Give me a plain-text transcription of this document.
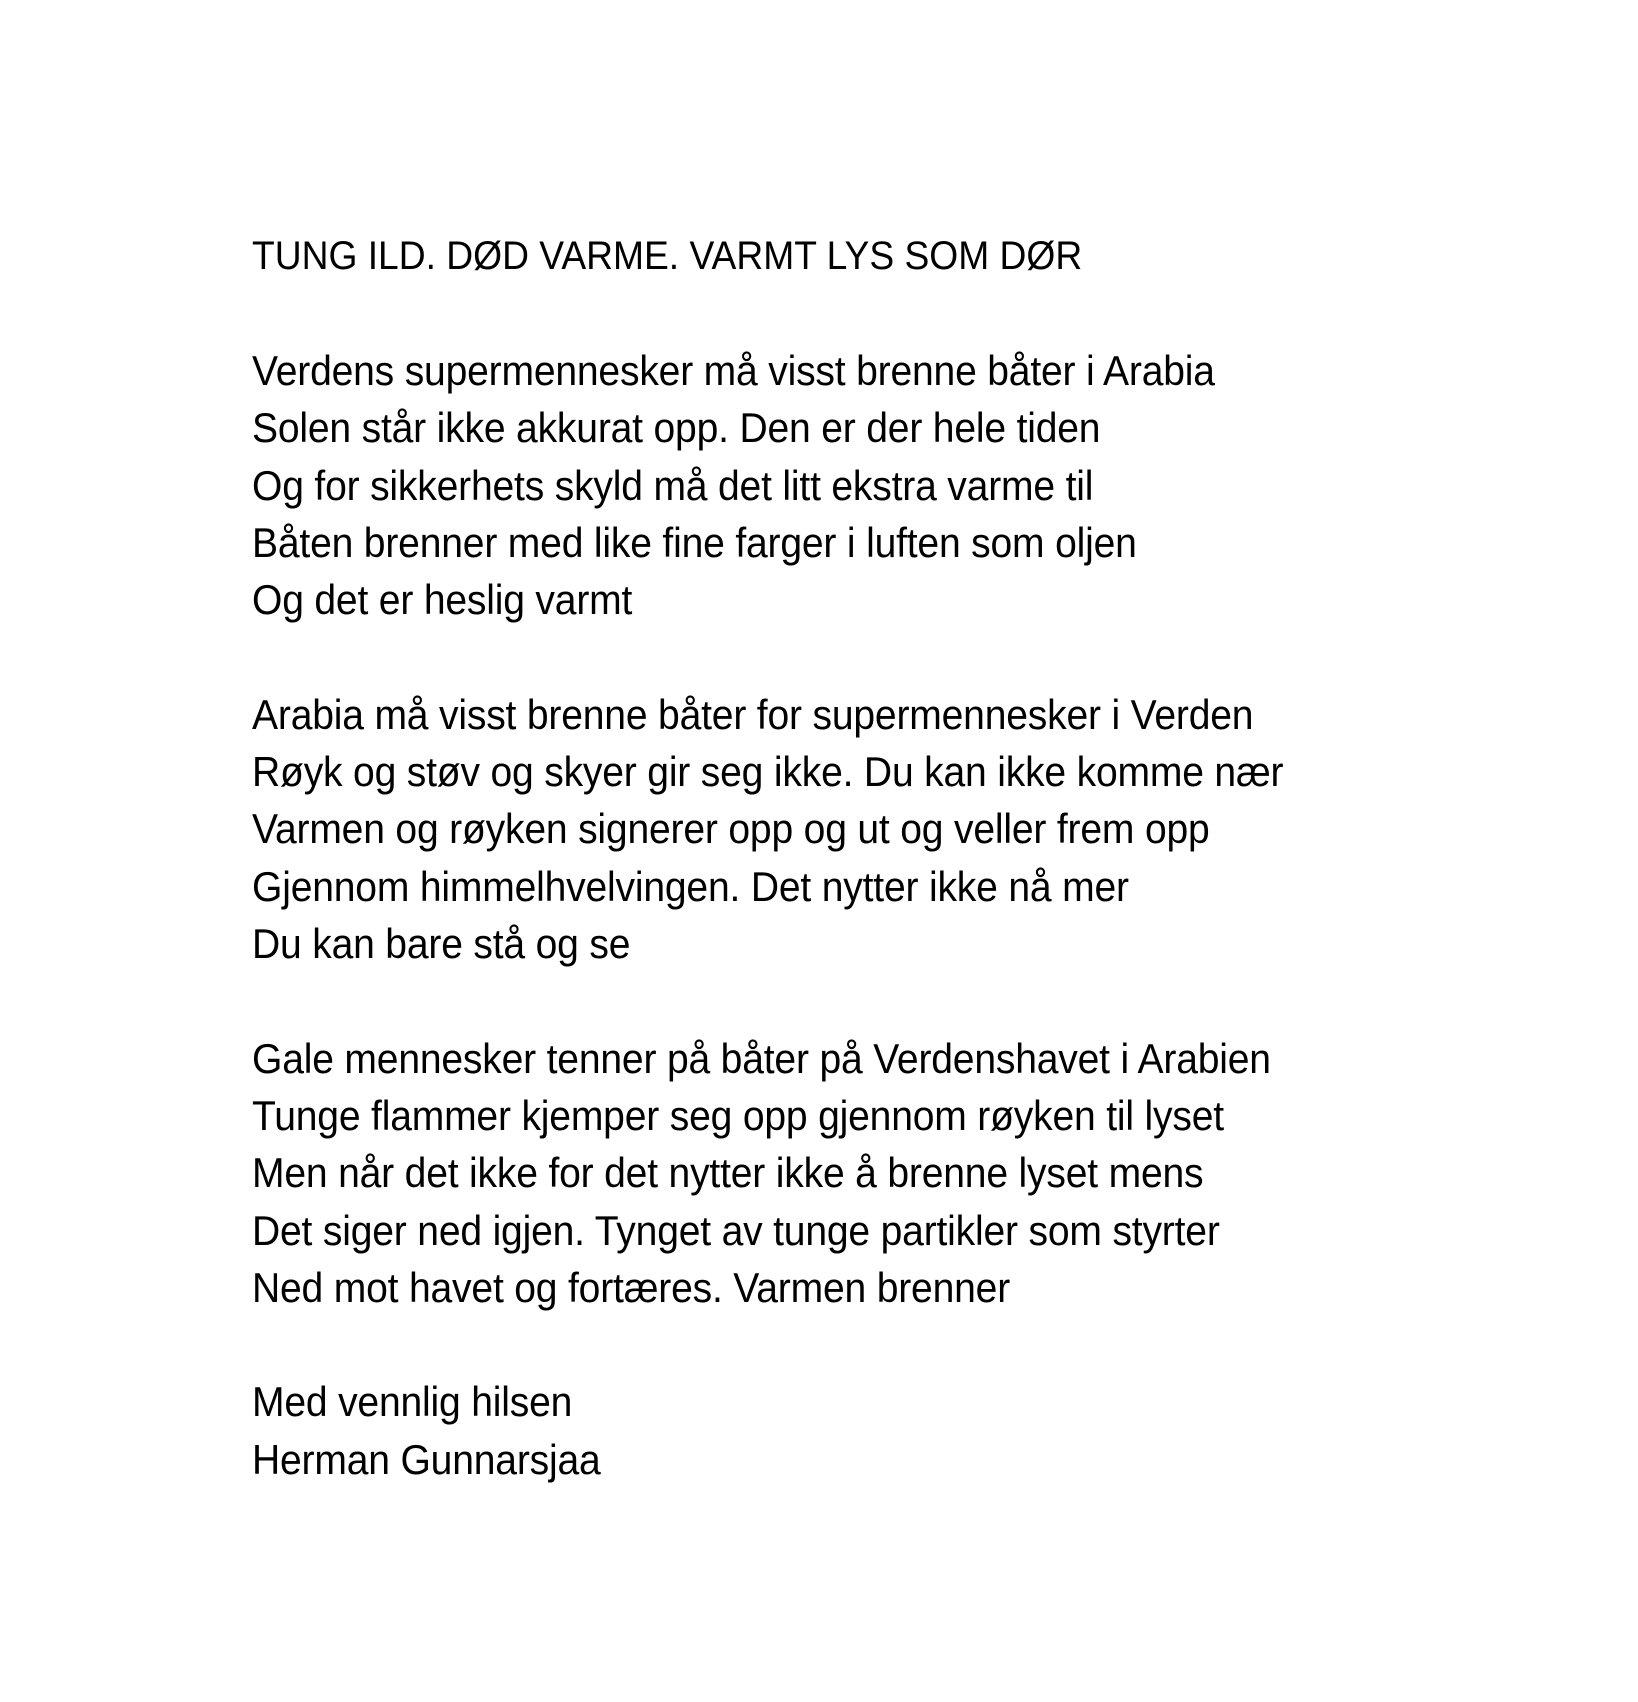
TUNG ILD. DØD VARME. VARMT LYS SOM DØR
Verdens supermennesker må visst brenne båter i Arabia
Solen står ikke akkurat opp. Den er der hele tiden
Og for sikkerhets skyld må det litt ekstra varme til
Båten brenner med like fine farger i luften som oljen
Og det er heslig varmt
Arabia må visst brenne båter for supermennesker i Verden
Røyk og støv og skyer gir seg ikke. Du kan ikke komme nær
Varmen og røyken signerer opp og ut og veller frem opp
Gjennom himmelhvelvingen. Det nytter ikke nå mer
Du kan bare stå og se
Gale mennesker tenner på båter på Verdenshavet i Arabien
Tunge flammer kjemper seg opp gjennom røyken til lyset
Men når det ikke for det nytter ikke å brenne lyset mens
Det siger ned igjen. Tynget av tunge partikler som styrter
Ned mot havet og fortæres. Varmen brenner
Med vennlig hilsen
Herman Gunnarsjaa
